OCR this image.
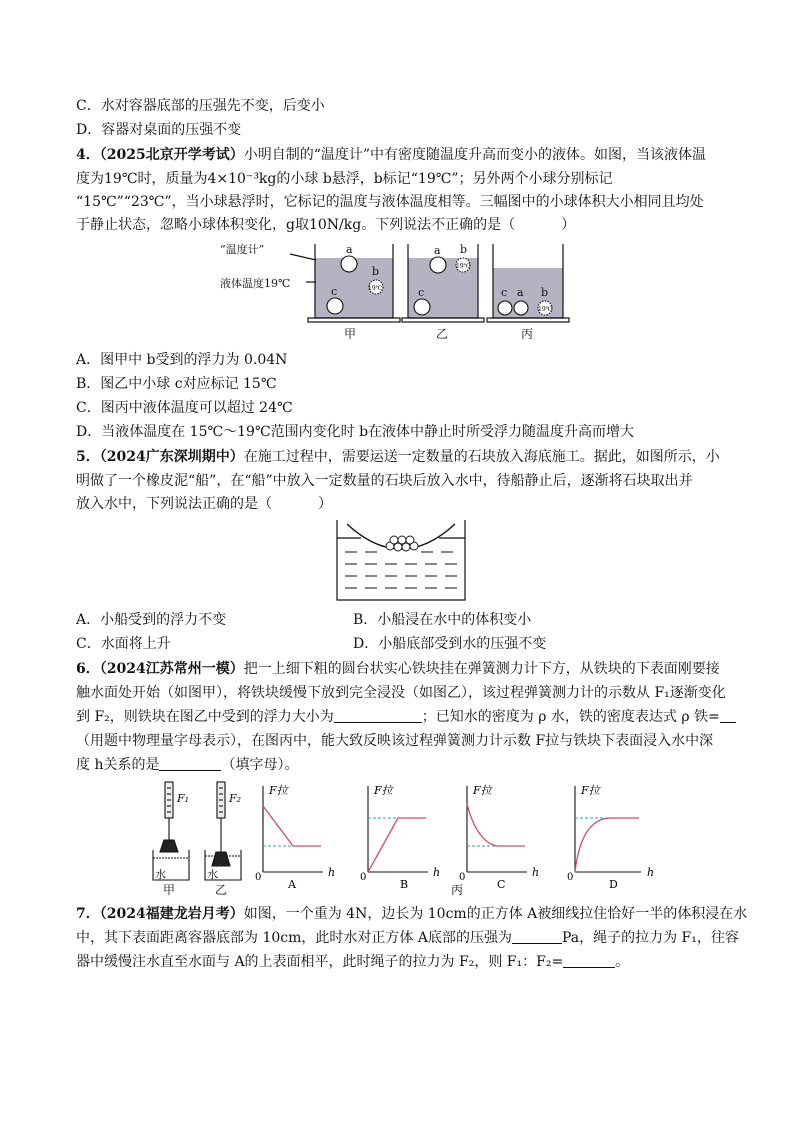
C．水对容器底部的压强先不变，后变小
D．容器对桌面的压强不变
4．（2025北京开学考试）小明自制的“温度计”中有密度随温度升高而变小的液体。如图，当该液体温
度为19℃时，质量为4×10⁻³kg的小球 b悬浮，b标记“19℃”；另外两个小球分别标记
“15℃”“23℃”，当小球悬浮时，它标记的温度与液体温度相等。三幅图中的小球体积大小相同且均处
于静止状态，忽略小球体积变化，g取10N/kg。下列说法不正确的是（	）
“温度计”
液体温度19℃
a
b
19℃
c
a b
19℃
c	c a b
19℃
甲	乙	丙
A．图甲中 b受到的浮力为 0.04N
B．图乙中小球 c对应标记 15℃
C．图丙中液体温度可以超过 24℃
D．当液体温度在 15℃～19℃范围内变化时 b在液体中静止时所受浮力随温度升高而增大
5．（2024广东深圳期中）在施工过程中，需要运送一定数量的石块放入海底施工。据此，如图所示，小
明做了一个橡皮泥“船”，在“船”中放入一定数量的石块后放入水中，待船静止后，逐渐将石块取出并
放入水中，下列说法正确的是（	）
A．小船受到的浮力不变	B．小船浸在水中的体积变小
C．水面将上升	D．小船底部受到水的压强不变
6．（2024江苏常州一模）把一上细下粗的圆台状实心铁块挂在弹簧测力计下方，从铁块的下表面刚要接
触水面处开始（如图甲），将铁块缓慢下放到完全浸没（如图乙），该过程弹簧测力计的示数从 F₁逐渐变化
到 F₂，则铁块在图乙中受到的浮力大小为	；已知水的密度为 ρ 水，铁的密度表达式 ρ 铁=
（用题中物理量字母表示），在图丙中，能大致反映该过程弹簧测力计示数 F拉与铁块下表面浸入水中深
度 h关系的是	（填字母）。
F₁	F₂
水	水
甲	乙	丙
F拉
h
0
A
F拉
h
0
B
F拉
h
0
C
F拉
h
0
D
7．（2024福建龙岩月考）如图，一个重为 4N，边长为 10cm的正方体 A被细线拉住恰好一半的体积浸在水
中，其下表面距离容器底部为 10cm，此时水对正方体 A底部的压强为	Pa，绳子的拉力为 F₁，往容
器中缓慢注水直至水面与 A的上表面相平，此时绳子的拉力为 F₂，则 F₁：F₂=	。
